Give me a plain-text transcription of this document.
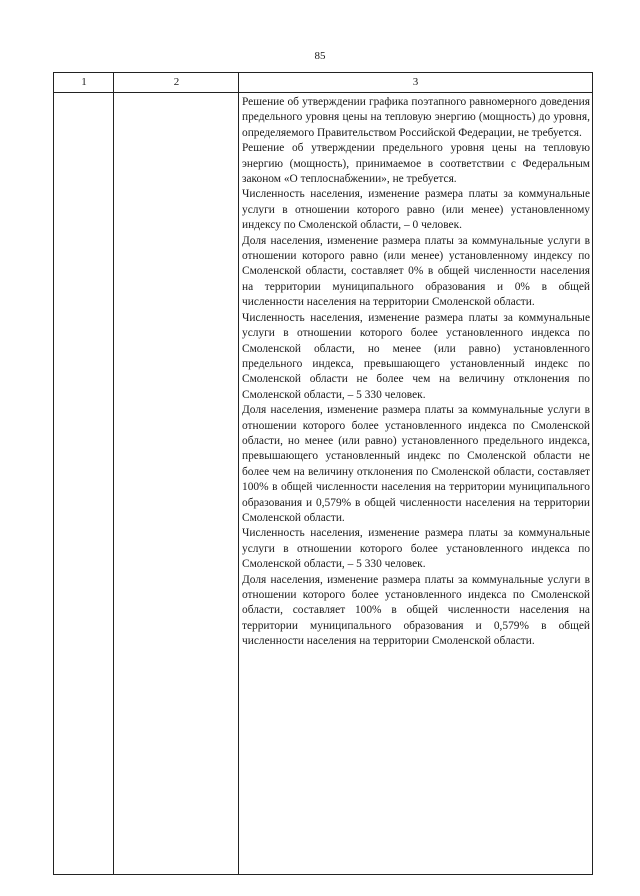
85
1	2	3

Решение об утверждении графика поэтапного равномерного доведения предельного уровня цены на тепловую энергию (мощность) до уровня, определяемого Правительством Российской Федерации, не требуется.

Решение об утверждении предельного уровня цены на тепловую энергию (мощность), принимаемое в соответствии с Федеральным законом «О теплоснабжении», не требуется.

Численность населения, изменение размера платы за коммунальные услуги в отношении которого равно (или менее) установленному индексу по Смоленской области, – 0 человек.

Доля населения, изменение размера платы за коммунальные услуги в отношении которого равно (или менее) установленному индексу по Смоленской области, составляет 0% в общей численности населения на территории муниципального образования и 0% в общей численности населения на территории Смоленской области.

Численность населения, изменение размера платы за коммунальные услуги в отношении которого более установленного индекса по Смоленской области, но менее (или равно) установленного предельного индекса, превышающего установленный индекс по Смоленской области не более чем на величину отклонения по Смоленской области, – 5 330 человек.

Доля населения, изменение размера платы за коммунальные услуги в отношении которого более установленного индекса по Смоленской области, но менее (или равно) установленного предельного индекса, превышающего установленный индекс по Смоленской области не более чем на величину отклонения по Смоленской области, составляет 100% в общей численности населения на территории муниципального образования и 0,579% в общей численности населения на территории Смоленской области.

Численность населения, изменение размера платы за коммунальные услуги в отношении которого более установленного индекса по Смоленской области, – 5 330 человек.

Доля населения, изменение размера платы за коммунальные услуги в отношении которого более установленного индекса по Смоленской области, составляет 100% в общей численности населения на территории муниципального образования и 0,579% в общей численности населения на территории Смоленской области.
